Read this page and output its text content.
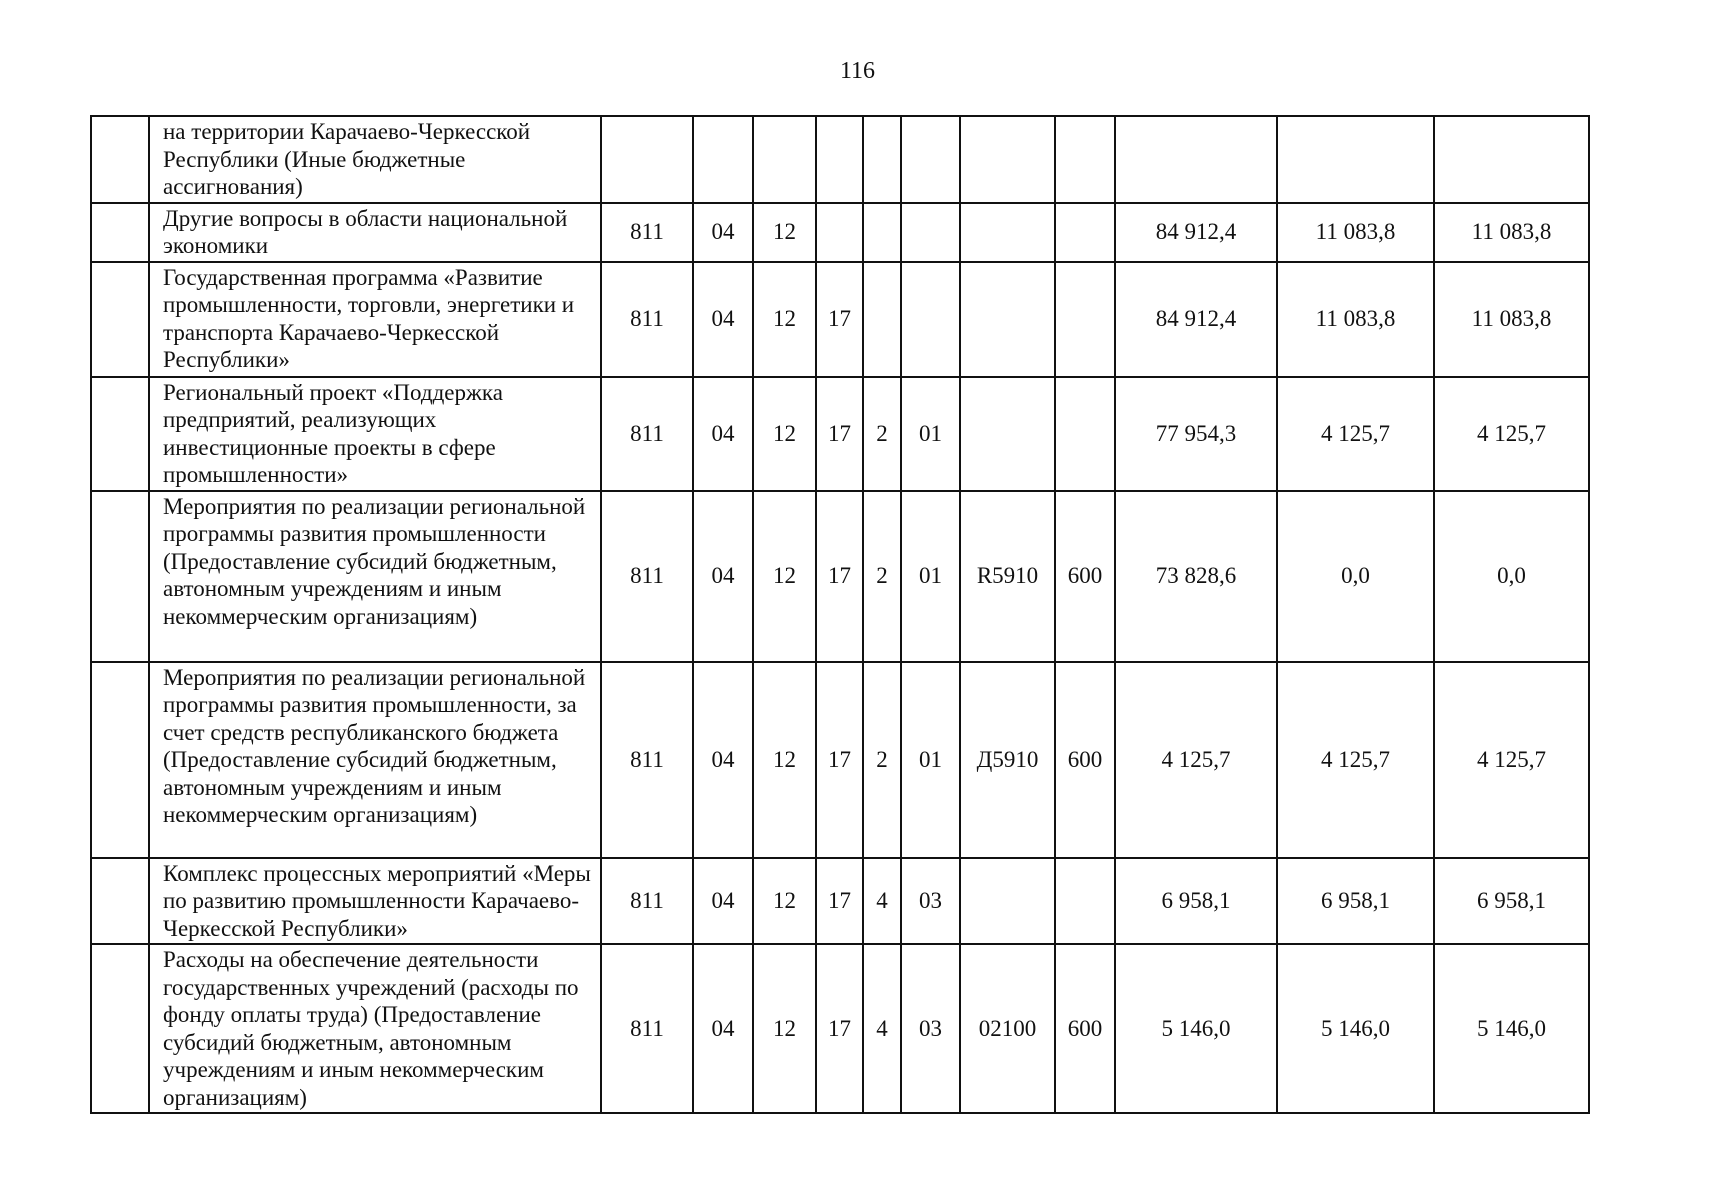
116
	на территории Карачаево-Черкесской Республики (Иные бюджетные ассигнования)											
	Другие вопросы в области национальной экономики	811	04	12						84 912,4	11 083,8	11 083,8
	Государственная программа «Развитие промышленности, торговли, энергетики и транспорта Карачаево-Черкесской Республики»	811	04	12	17					84 912,4	11 083,8	11 083,8
	Региональный проект «Поддержка предприятий, реализующих инвестиционные проекты в сфере промышленности»	811	04	12	17	2	01			77 954,3	4 125,7	4 125,7
	Мероприятия по реализации региональной программы развития промышленности (Предоставление субсидий бюджетным, автономным учреждениям и иным некоммерческим организациям)	811	04	12	17	2	01	R5910	600	73 828,6	0,0	0,0
	Мероприятия по реализации региональной программы развития промышленности, за счет средств республиканского бюджета (Предоставление субсидий бюджетным, автономным учреждениям и иным некоммерческим организациям)	811	04	12	17	2	01	Д5910	600	4 125,7	4 125,7	4 125,7
	Комплекс процессных мероприятий «Меры по развитию промышленности Карачаево-Черкесской Республики»	811	04	12	17	4	03			6 958,1	6 958,1	6 958,1
	Расходы на обеспечение деятельности государственных учреждений (расходы по фонду оплаты труда) (Предоставление субсидий бюджетным, автономным учреждениям и иным некоммерческим организациям)	811	04	12	17	4	03	02100	600	5 146,0	5 146,0	5 146,0
